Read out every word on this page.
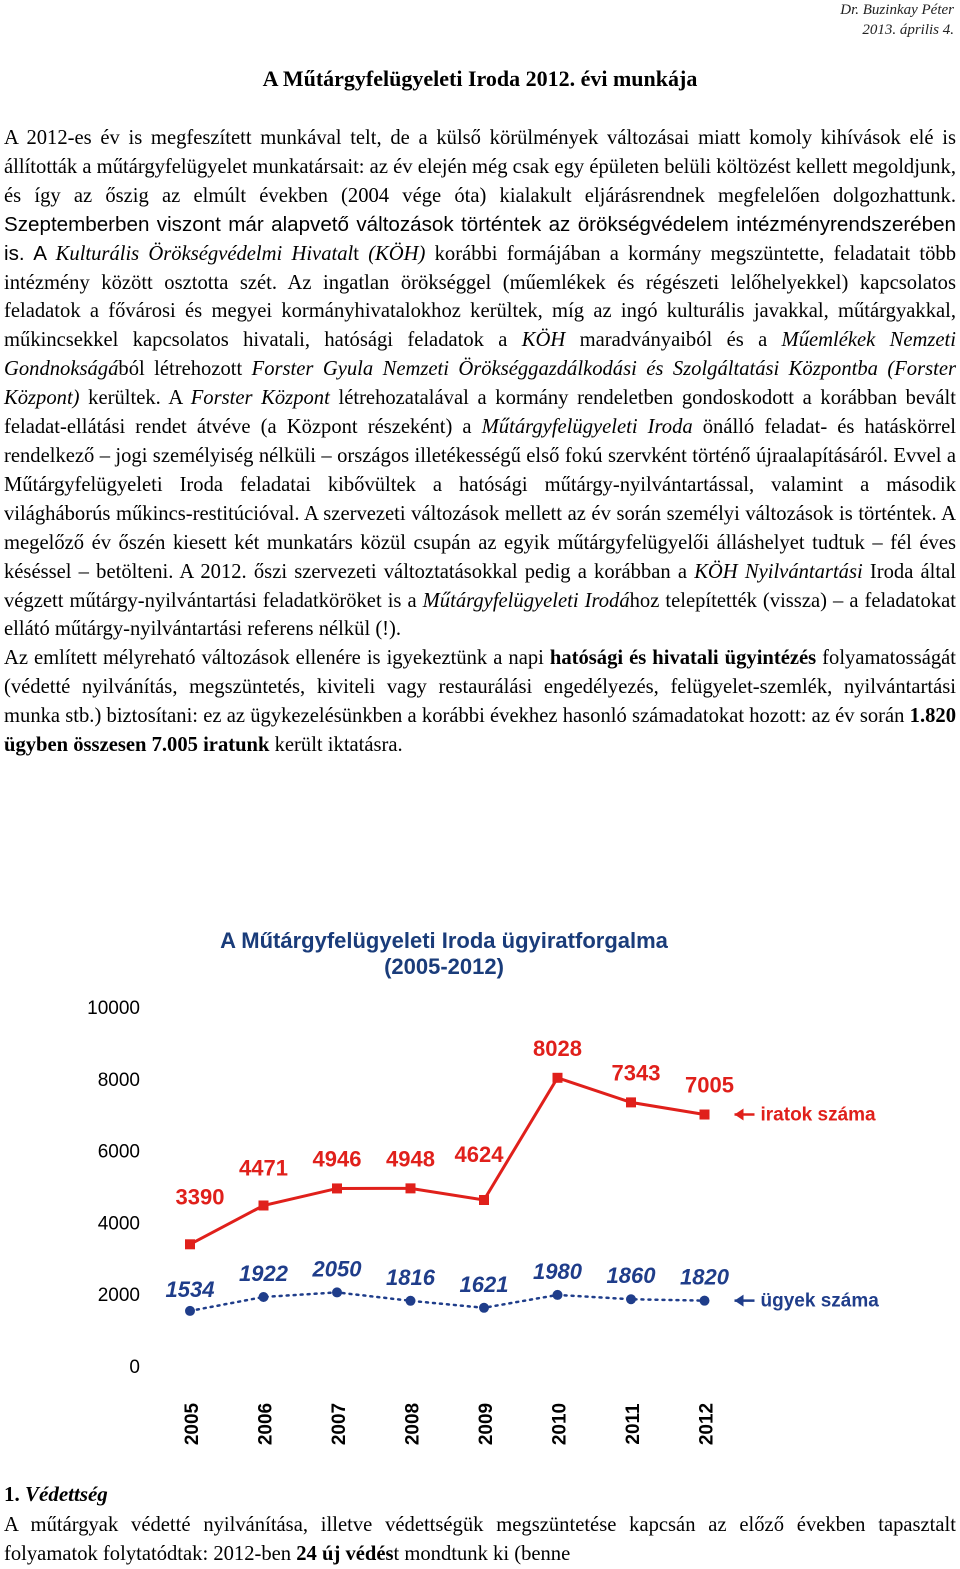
Dr. Buzinkay Péter
2013. április 4.
A Műtárgyfelügyeleti Iroda 2012. évi munkája

A 2012-es év is megfeszített munkával telt, de a külső körülmények változásai miatt komoly kihívások elé is állították a műtárgyfelügyelet munkatársait: az év elején még csak egy épületen belüli költözést kellett megoldjunk, és így az őszig az elmúlt években (2004 vége óta) kialakult eljárásrendnek megfelelően dolgozhattunk. Szeptemberben viszont már alapvető változások történtek az örökségvédelem intézményrendszerében is. A Kulturális Örökségvédelmi Hivatalt (KÖH) korábbi formájában a kormány megszüntette, feladatait több intézmény között osztotta szét. Az ingatlan örökséggel (műemlékek és régészeti lelőhelyekkel) kapcsolatos feladatok a fővárosi és megyei kormányhivatalokhoz kerültek, míg az ingó kulturális javakkal, műtárgyakkal, műkincsekkel kapcsolatos hivatali, hatósági feladatok a KÖH maradványaiból és a Műemlékek Nemzeti Gondnokságából létrehozott Forster Gyula Nemzeti Örökséggazdálkodási és Szolgáltatási Központba (Forster Központ) kerültek. A Forster Központ létrehozatalával a kormány rendeletben gondoskodott a korábban bevált feladat-ellátási rendet átvéve (a Központ részeként) a Műtárgyfelügyeleti Iroda önálló feladat- és hatáskörrel rendelkező – jogi személyiség nélküli – országos illetékességű első fokú szervként történő újraalapításáról. Evvel a Műtárgyfelügyeleti Iroda feladatai kibővültek a hatósági műtárgy-nyilvántartással, valamint a második világháborús műkincs-restitúcióval. A szervezeti változások mellett az év során személyi változások is történtek. A megelőző év őszén kiesett két munkatárs közül csupán az egyik műtárgyfelügyelői álláshelyet tudtuk – fél éves késéssel – betölteni. A 2012. őszi szervezeti változtatásokkal pedig a korábban a KÖH Nyilvántartási Iroda által végzett műtárgy-nyilvántartási feladatköröket is a Műtárgyfelügyeleti Irodához telepítették (vissza) – a feladatokat ellátó műtárgy-nyilvántartási referens nélkül (!).

Az említett mélyreható változások ellenére is igyekeztünk a napi hatósági és hivatali ügyintézés folyamatosságát (védetté nyilvánítás, megszüntetés, kiviteli vagy restaurálási engedélyezés, felügyelet-szemlék, nyilvántartási munka stb.) biztosítani: ez az ügykezelésünkben a korábbi évekhez hasonló számadatokat hozott: az év során 1.820 ügyben összesen 7.005 iratunk került iktatásra.

A Műtárgyfelügyeleti Iroda ügyiratforgalma
(2005-2012)
0
2000
4000
6000
8000
10000
2005	2006	2007	2008	2009	2010	2011	2012
3390
4471 4946 4948 4624
8028
7343 7005
iratok száma
1534
1922 2050 1816 1621
1980 1860 1820
ügyek száma
1. Védettség

A műtárgyak védetté nyilvánítása, illetve védettségük megszüntetése kapcsán az előző években tapasztalt folyamatok folytatódtak: 2012-ben 24 új védést mondtunk ki (benne
